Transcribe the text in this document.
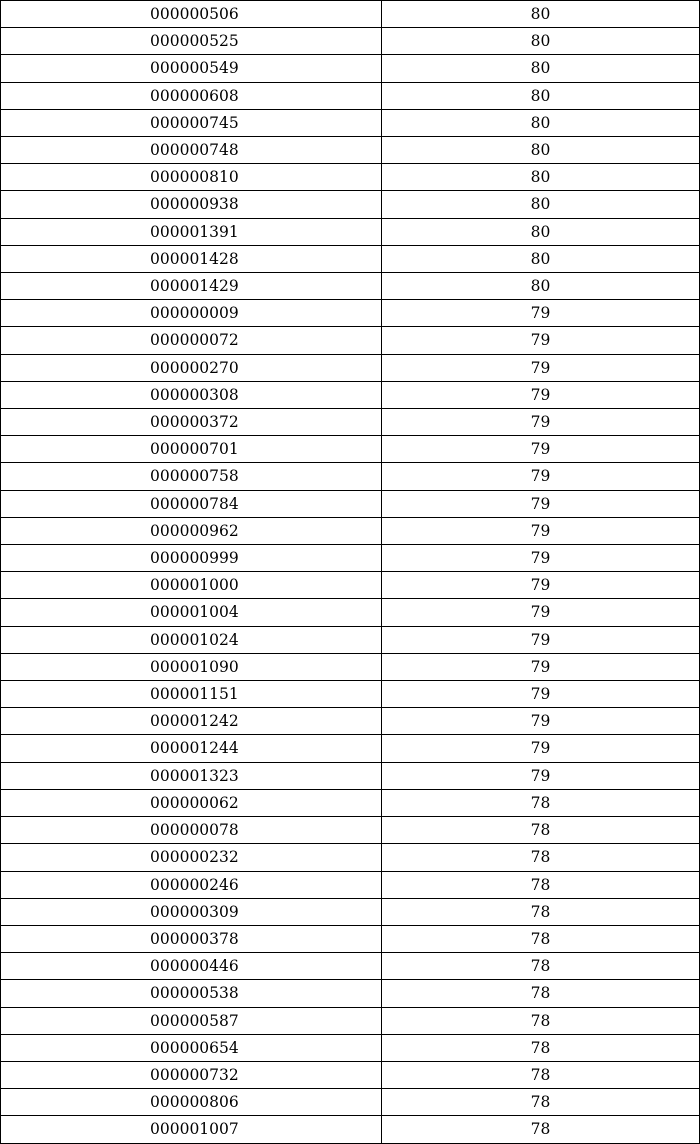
000000506	80
000000525	80
000000549	80
000000608	80
000000745	80
000000748	80
000000810	80
000000938	80
000001391	80
000001428	80
000001429	80
000000009	79
000000072	79
000000270	79
000000308	79
000000372	79
000000701	79
000000758	79
000000784	79
000000962	79
000000999	79
000001000	79
000001004	79
000001024	79
000001090	79
000001151	79
000001242	79
000001244	79
000001323	79
000000062	78
000000078	78
000000232	78
000000246	78
000000309	78
000000378	78
000000446	78
000000538	78
000000587	78
000000654	78
000000732	78
000000806	78
000001007	78
